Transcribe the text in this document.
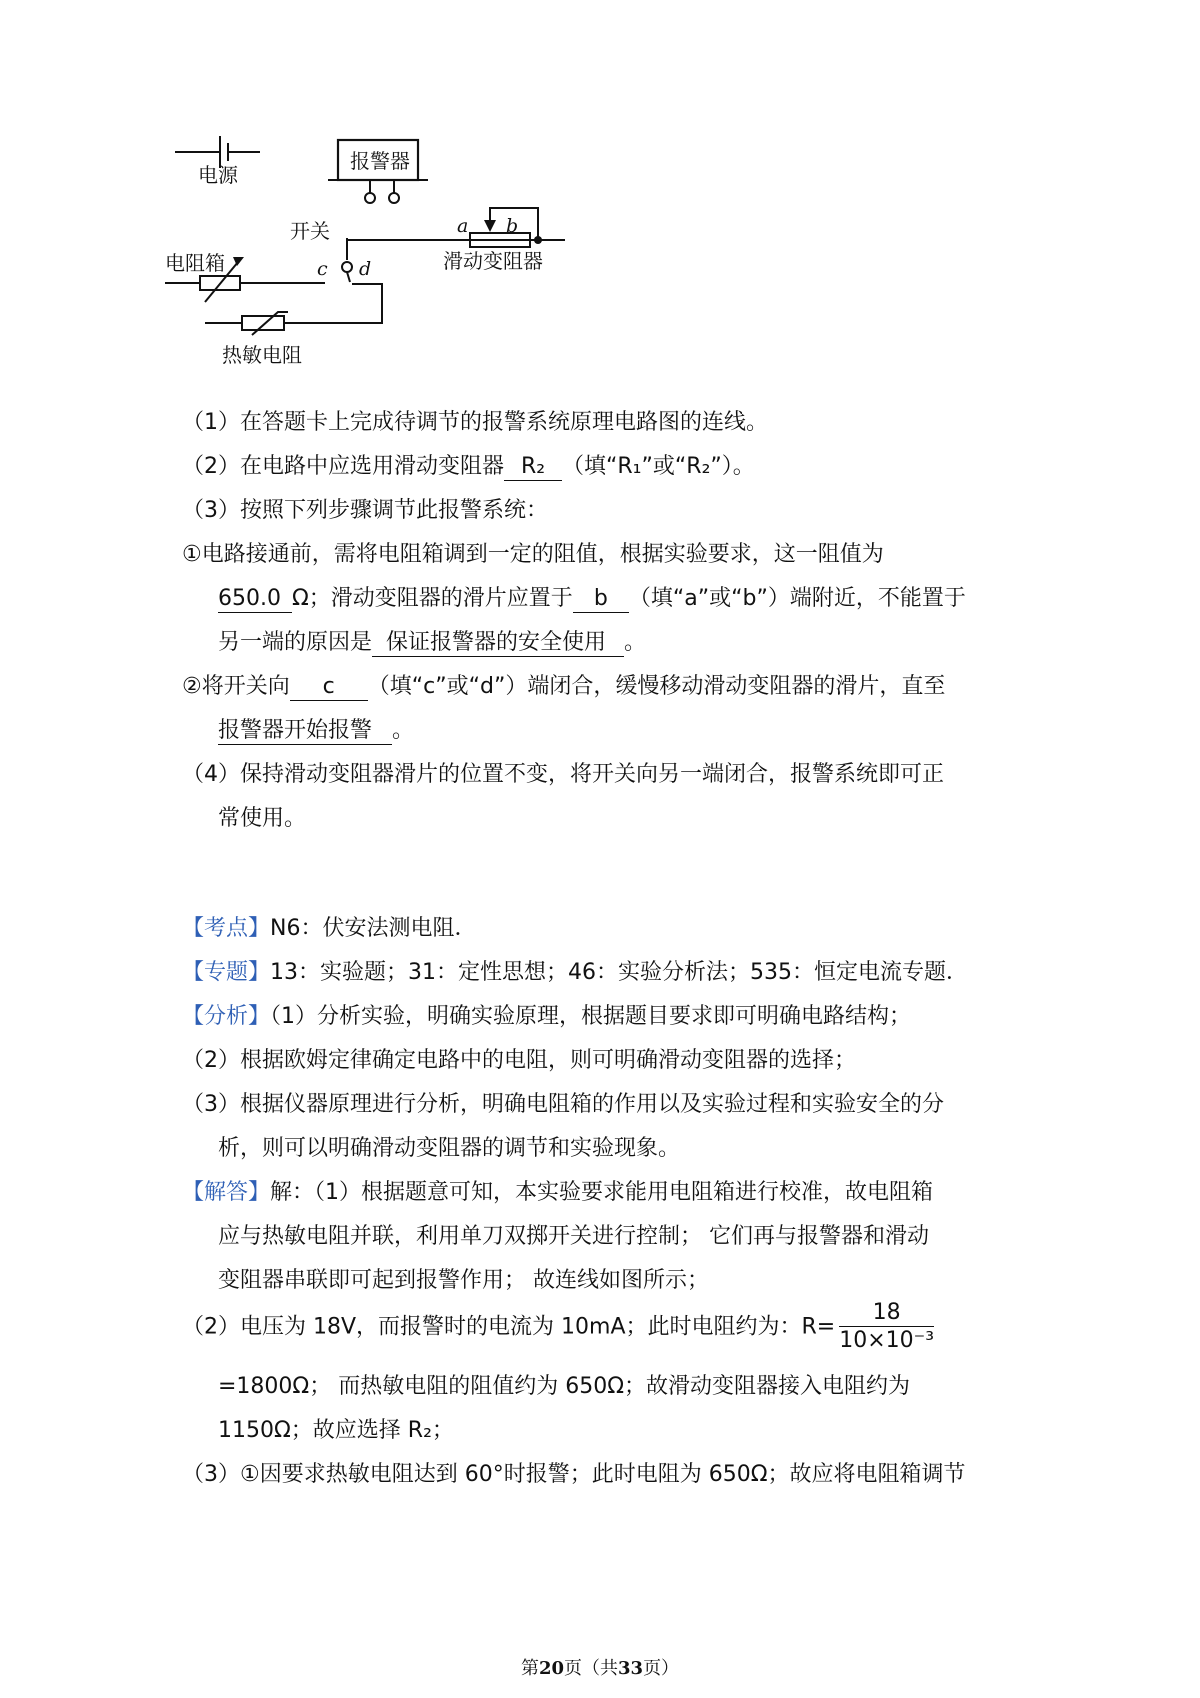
电源
报警器
开关
电阻箱
热敏电阻
滑动变阻器
a b
c d
（1）在答题卡上完成待调节的报警系统原理电路图的连线。
（2）在电路中应选用滑动变阻器 R₂ （填“R₁”或“R₂”）。
（3）按照下列步骤调节此报警系统：
①电路接通前，需将电阻箱调到一定的阻值，根据实验要求，这一阻值为
650.0 Ω；滑动变阻器的滑片应置于 b （填“a”或“b”）端附近，不能置于
另一端的原因是 保证报警器的安全使用 。
②将开关向 c （填“c”或“d”）端闭合，缓慢移动滑动变阻器的滑片，直至
报警器开始报警 。
（4）保持滑动变阻器滑片的位置不变，将开关向另一端闭合，报警系统即可正
常使用。
【考点】N6：伏安法测电阻．
【专题】13：实验题；31：定性思想；46：实验分析法；535：恒定电流专题．
【分析】（1）分析实验，明确实验原理，根据题目要求即可明确电路结构；
（2）根据欧姆定律确定电路中的电阻，则可明确滑动变阻器的选择；
（3）根据仪器原理进行分析，明确电阻箱的作用以及实验过程和实验安全的分
析，则可以明确滑动变阻器的调节和实验现象。
【解答】解：（1）根据题意可知，本实验要求能用电阻箱进行校准，故电阻箱
应与热敏电阻并联，利用单刀双掷开关进行控制； 它们再与报警器和滑动
变阻器串联即可起到报警作用； 故连线如图所示；
（2）电压为 18V，而报警时的电流为 10mA；此时电阻约为：$R= \frac{18}{\text{10×10⁻³}}$
=1800Ω； 而热敏电阻的阻值约为 650Ω；故滑动变阻器接入电阻约为
1150Ω；故应选择 R₂；
（3）①因要求热敏电阻达到 60°时报警；此时电阻为 650Ω；故应将电阻箱调节
第20页（共33页）
